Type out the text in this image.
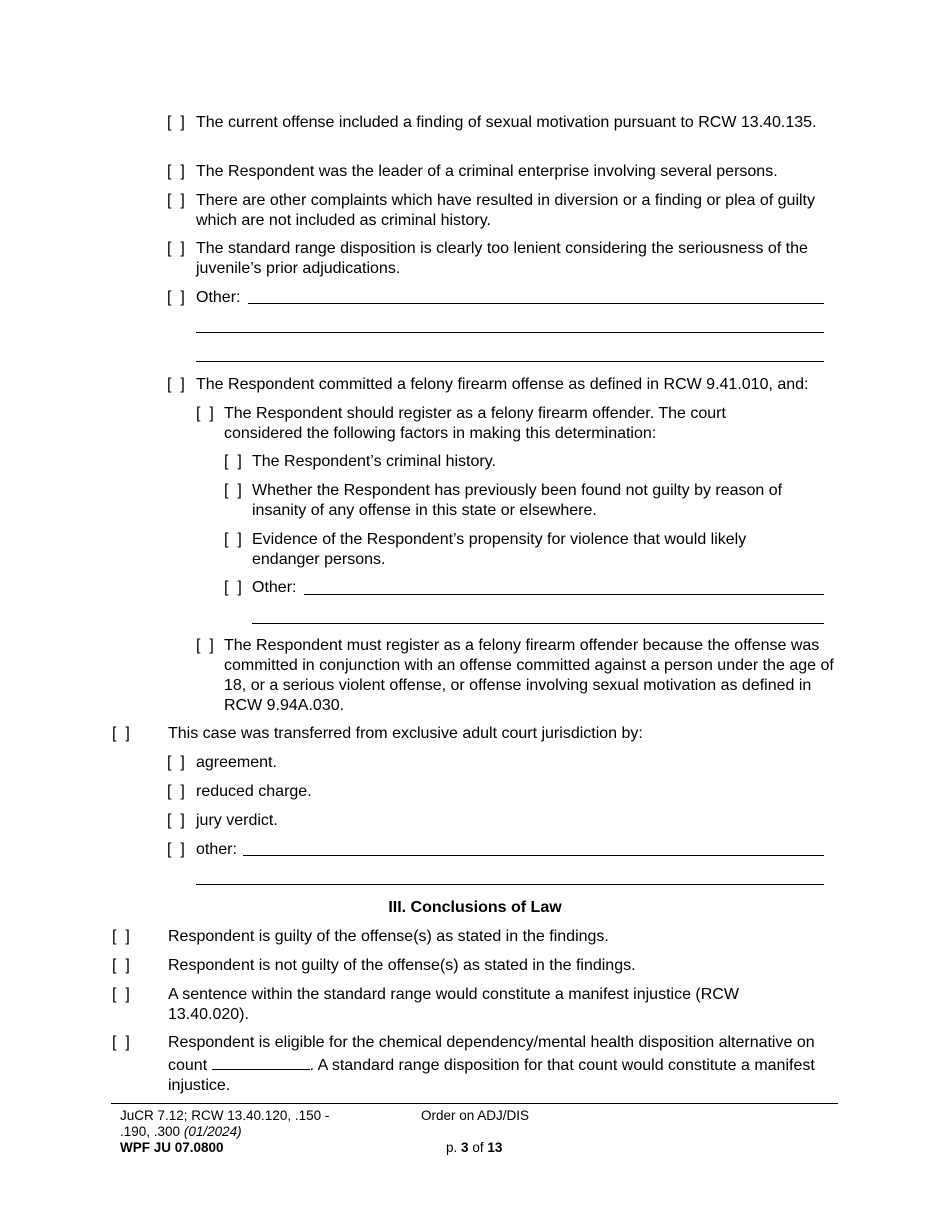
[  ] The current offense included a finding of sexual motivation pursuant to RCW 13.40.135.
[  ] The Respondent was the leader of a criminal enterprise involving several persons.
[  ] There are other complaints which have resulted in diversion or a finding or plea of guilty which are not included as criminal history.
[  ] The standard range disposition is clearly too lenient considering the seriousness of the juvenile’s prior adjudications.
[  ] Other:
[  ] The Respondent committed a felony firearm offense as defined in RCW 9.41.010, and:
[  ] The Respondent should register as a felony firearm offender. The court considered the following factors in making this determination:
[  ] The Respondent’s criminal history.
[  ] Whether the Respondent has previously been found not guilty by reason of insanity of any offense in this state or elsewhere.
[  ] Evidence of the Respondent’s propensity for violence that would likely endanger persons.
[  ] Other:
[  ] The Respondent must register as a felony firearm offender because the offense was committed in conjunction with an offense committed against a person under the age of 18, or a serious violent offense, or offense involving sexual motivation as defined in RCW 9.94A.030.
[  ] This case was transferred from exclusive adult court jurisdiction by:
[  ] agreement.
[  ] reduced charge.
[  ] jury verdict.
[  ] other:
III. Conclusions of Law
[  ] Respondent is guilty of the offense(s) as stated in the findings.
[  ] Respondent is not guilty of the offense(s) as stated in the findings.
[  ] A sentence within the standard range would constitute a manifest injustice (RCW 13.40.020).
[  ] Respondent is eligible for the chemical dependency/mental health disposition alternative on count	. A standard range disposition for that count would constitute a manifest injustice.
JuCR 7.12; RCW 13.40.120, .150 -
.190, .300 (01/2024)
WPF JU 07.0800
Order on ADJ/DIS
p. 3 of 13
